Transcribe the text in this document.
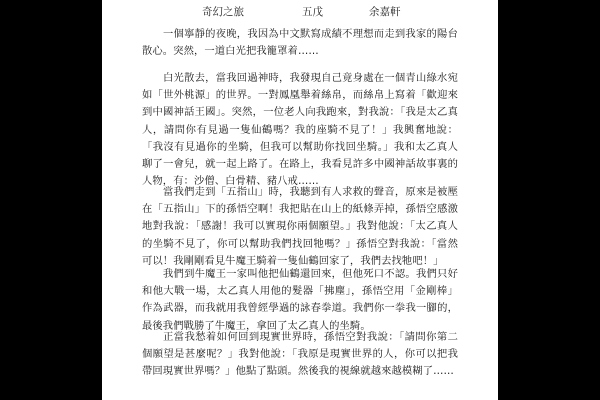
奇幻之旅	五戊	余嘉軒

一個寧靜的夜晚，我因為中文默寫成績不理想而走到我家的陽台散心。突然，一道白光把我籠罩着……

白光散去，當我回過神時，我發現自己竟身處在一個青山綠水宛如「世外桃源」的世界。一對鳳凰舉着絲帛，而絲帛上寫着「歡迎來到中國神話王國」。突然，一位老人向我跑來，對我說：「我是太乙真人，請問你有見過一隻仙鶴嗎？我的座騎不見了！」我興奮地說：「我沒有見過你的坐騎，但我可以幫助你找回坐騎。」我和太乙真人聊了一會兒，就一起上路了。在路上，我看見許多中國神話故事裏的人物，有：沙僧、白骨精、豬八戒……

當我們走到「五指山」時，我聽到有人求救的聲音，原來是被壓在「五指山」下的孫悟空啊！我把貼在山上的紙條弄掉，孫悟空感激地對我說：「感謝！我可以實現你兩個願望。」我對他說：「太乙真人的坐騎不見了，你可以幫助我們找回牠嗎？」孫悟空對我說：「當然可以！我剛剛看見牛魔王騎着一隻仙鶴回家了，我們去找牠吧！」

我們到牛魔王一家叫他把仙鶴還回來，但他死口不認。我們只好和他大戰一場，太乙真人用他的髮器「拂塵」，孫悟空用「金剛棒」作為武器，而我就用我曾經學過的詠春拳道。我們你一拳我一腳的，最後我們戰勝了牛魔王，拿回了太乙真人的坐騎。

正當我愁着如何回到現實世界時，孫悟空對我說：「請問你第二個願望是甚麼呢？」我對他說：「我原是現實世界的人，你可以把我帶回現實世界嗎？」他點了點頭。然後我的視線就越來越模糊了……
